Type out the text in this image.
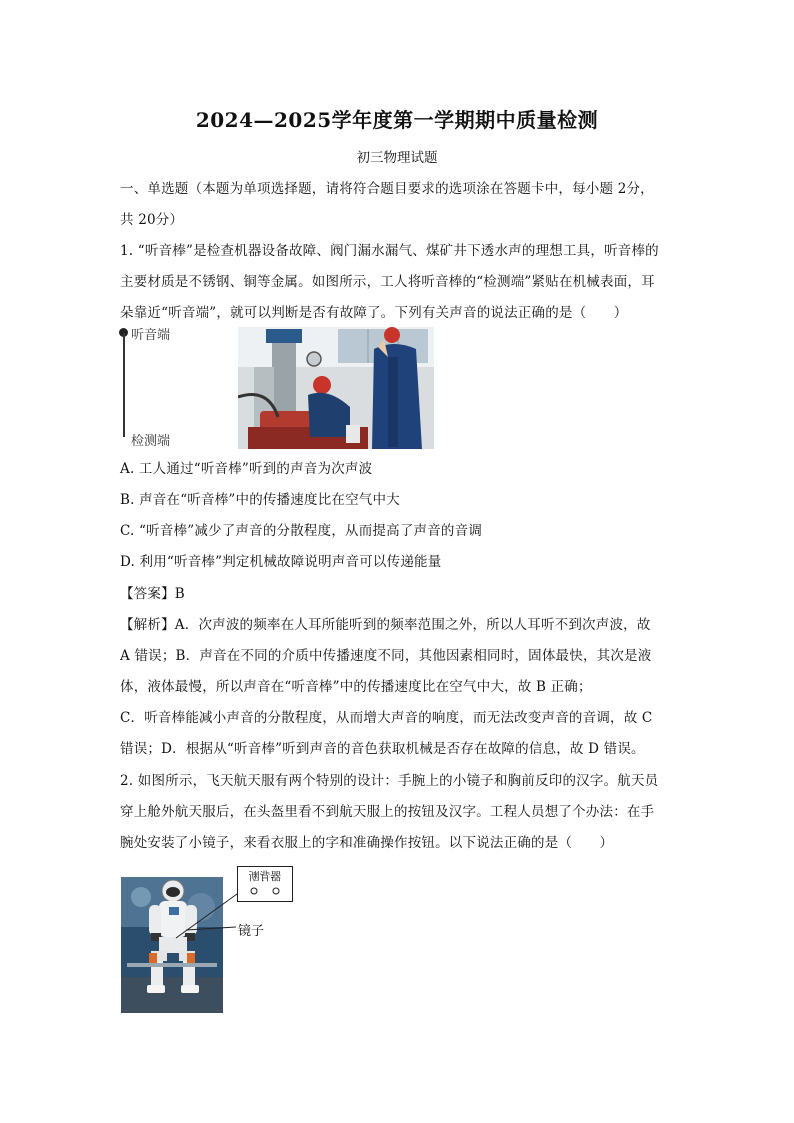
2024—2025学年度第一学期期中质量检测
初三物理试题
一、单选题（本题为单项选择题，请将符合题目要求的选项涂在答题卡中，每小题 2分，
共 20分）
1. “听音棒”是检查机器设备故障、阀门漏水漏气、煤矿井下透水声的理想工具，听音棒的
主要材质是不锈钢、铜等金属。如图所示，工人将听音棒的“检测端”紧贴在机械表面，耳
朵靠近“听音端”，就可以判断是否有故障了。下列有关声音的说法正确的是（　　）
听音端
检测端
A. 工人通过“听音棒”听到的声音为次声波
B. 声音在“听音棒”中的传播速度比在空气中大
C. “听音棒”减少了声音的分散程度，从而提高了声音的音调
D. 利用“听音棒”判定机械故障说明声音可以传递能量
【答案】B
【解析】A．次声波的频率在人耳所能听到的频率范围之外，所以人耳听不到次声波，故
A 错误；B．声音在不同的介质中传播速度不同，其他因素相同时，固体最快，其次是液
体，液体最慢，所以声音在“听音棒”中的传播速度比在空气中大，故 B 正确；
C．听音棒能减小声音的分散程度，从而增大声音的响度，而无法改变声音的音调，故 C
错误；D．根据从“听音棒”听到声音的音色获取机械是否存在故障的信息，故 D 错误。
2. 如图所示，飞天航天服有两个特别的设计：手腕上的小镜子和胸前反印的汉字。航天员
穿上舱外航天服后，在头盔里看不到航天服上的按钮及汉字。工程人员想了个办法：在手
腕处安装了小镜子，来看衣服上的字和准确操作按钮。以下说法正确的是（　　）
器背断
镜子
